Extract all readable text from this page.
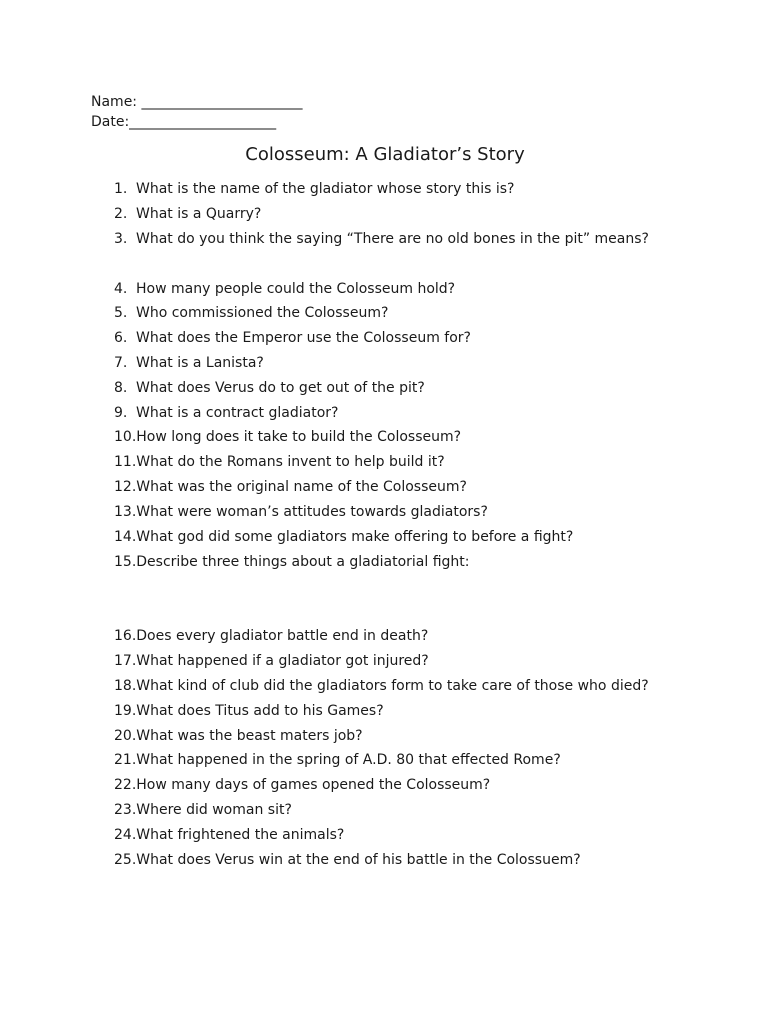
Name: _______________________
Date:_____________________
Colosseum: A Gladiator’s Story
1. What is the name of the gladiator whose story this is?
2. What is a Quarry?
3. What do you think the saying “There are no old bones in the pit” means?
4. How many people could the Colosseum hold?
5. Who commissioned the Colosseum?
6. What does the Emperor use the Colosseum for?
7. What is a Lanista?
8. What does Verus do to get out of the pit?
9. What is a contract gladiator?
10.How long does it take to build the Colosseum?
11.What do the Romans invent to help build it?
12.What was the original name of the Colosseum?
13.What were woman’s attitudes towards gladiators?
14.What god did some gladiators make offering to before a fight?
15.Describe three things about a gladiatorial fight:
16.Does every gladiator battle end in death?
17.What happened if a gladiator got injured?
18.What kind of club did the gladiators form to take care of those who died?
19.What does Titus add to his Games?
20.What was the beast maters job?
21.What happened in the spring of A.D. 80 that effected Rome?
22.How many days of games opened the Colosseum?
23.Where did woman sit?
24.What frightened the animals?
25.What does Verus win at the end of his battle in the Colossuem?
